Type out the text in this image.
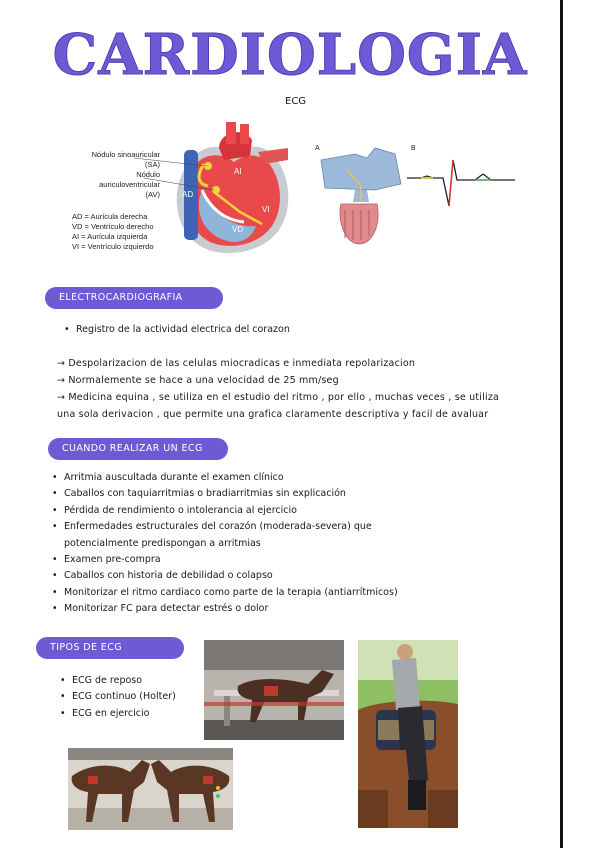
CARDIOLOGIA
ECG
AD
AI
VD
VI
Nódulo sinoauricular
(SA)
Nódulo auriculoventricular
(AV)
AD = Aurícula derecha
VD = Ventrículo derecho
AI = Aurícula izquierda
VI = Ventrículo izquierdo
A	B
ELECTROCARDIOGRAFIA
• Registro de la actividad electrica del corazon
→ Despolarizacion de las celulas miocradicas e inmediata repolarizacion
→ Normalemente se hace a una velocidad de 25 mm/seg
→ Medicina equina , se utiliza en el estudio del ritmo , por ello , muchas veces , se utiliza
una sola derivacion , que permite una grafica claramente descriptiva y facil de avaluar
CUANDO REALIZAR UN ECG
• Arritmia auscultada durante el examen clínico
• Caballos con taquiarritmias o bradiarritmias sin explicación
• Pérdida de rendimiento o intolerancia al ejercicio
• Enfermedades estructurales del corazón (moderada-severa) que
potencialmente predispongan a arritmias
• Examen pre-compra
• Caballos con historia de debilidad o colapso
• Monitorizar el ritmo cardiaco como parte de la terapia (antiarrítmicos)
• Monitorizar FC para detectar estrés o dolor
TIPOS DE ECG
• ECG de reposo
• ECG continuo (Holter)
• ECG en ejercicio
